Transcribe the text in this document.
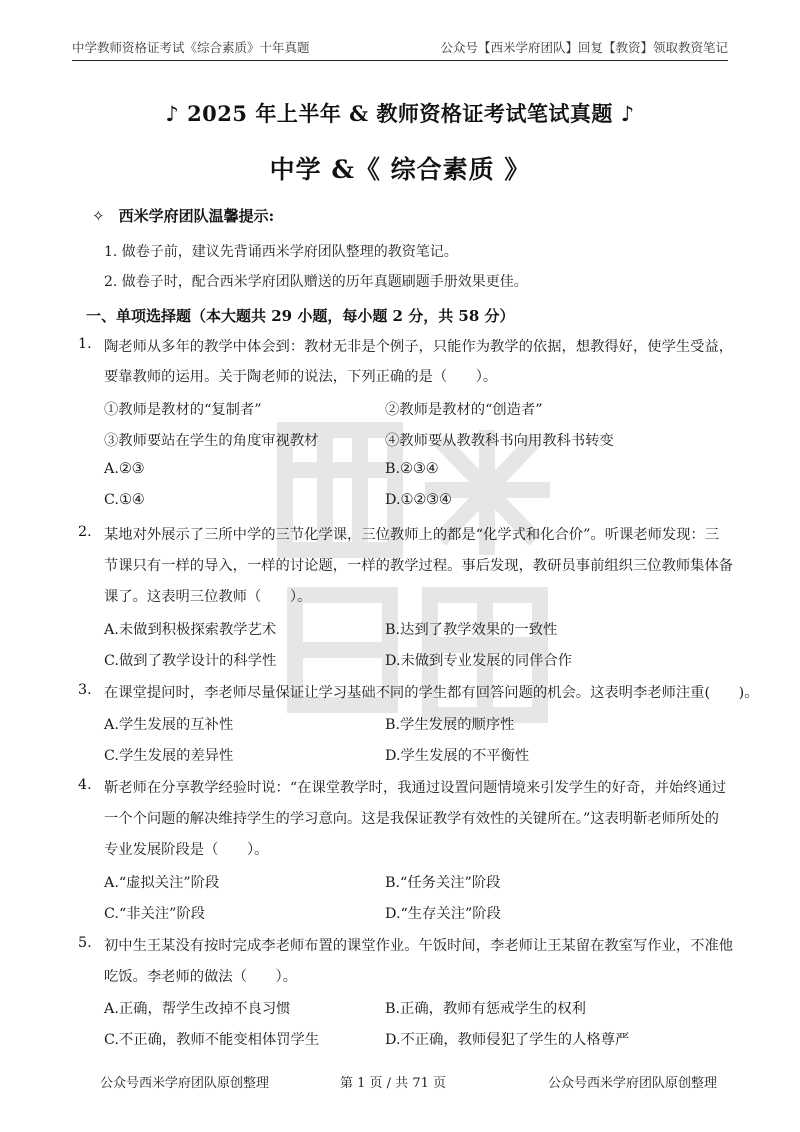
中学教师资格证考试《综合素质》十年真题	公众号【西米学府团队】回复【教资】领取教资笔记
♪ 2025 年上半年 & 教师资格证考试笔试真题 ♪
中学 &《 综合素质 》
✧ 西米学府团队温馨提示:
1. 做卷子前，建议先背诵西米学府团队整理的教资笔记。
2. 做卷子时，配合西米学府团队赠送的历年真题刷题手册效果更佳。
一、单项选择题（本大题共 29 小题，每小题 2 分，共 58 分）
1. 陶老师从多年的教学中体会到：教材无非是个例子，只能作为教学的依据，想教得好，使学生受益，
要靠教师的运用。关于陶老师的说法，下列正确的是（　　）。
①教师是教材的“复制者”	②教师是教材的“创造者”
③教师要站在学生的角度审视教材	④教师要从教教科书向用教科书转变
A.②③	B.②③④
C.①④	D.①②③④
2. 某地对外展示了三所中学的三节化学课，三位教师上的都是“化学式和化合价”。听课老师发现：三
节课只有一样的导入，一样的讨论题，一样的教学过程。事后发现，教研员事前组织三位教师集体备
课了。这表明三位教师（　　）。
A.未做到积极探索教学艺术	B.达到了教学效果的一致性
C.做到了教学设计的科学性	D.未做到专业发展的同伴合作
3. 在课堂提问时，李老师尽量保证让学习基础不同的学生都有回答问题的机会。这表明李老师注重(　　)。
A.学生发展的互补性	B.学生发展的顺序性
C.学生发展的差异性	D.学生发展的不平衡性
4. 靳老师在分享教学经验时说：“在课堂教学时，我通过设置问题情境来引发学生的好奇，并始终通过
一个个问题的解决维持学生的学习意向。这是我保证教学有效性的关键所在。”这表明靳老师所处的
专业发展阶段是（　　）。
A.“虚拟关注”阶段	B.“任务关注”阶段
C.“非关注”阶段	D.“生存关注”阶段
5. 初中生王某没有按时完成李老师布置的课堂作业。午饭时间，李老师让王某留在教室写作业，不准他
吃饭。李老师的做法（　　）。
A.正确，帮学生改掉不良习惯	B.正确，教师有惩戒学生的权利
C.不正确，教师不能变相体罚学生	D.不正确，教师侵犯了学生的人格尊严
公众号西米学府团队原创整理	第 1 页 / 共 71 页	公众号西米学府团队原创整理
